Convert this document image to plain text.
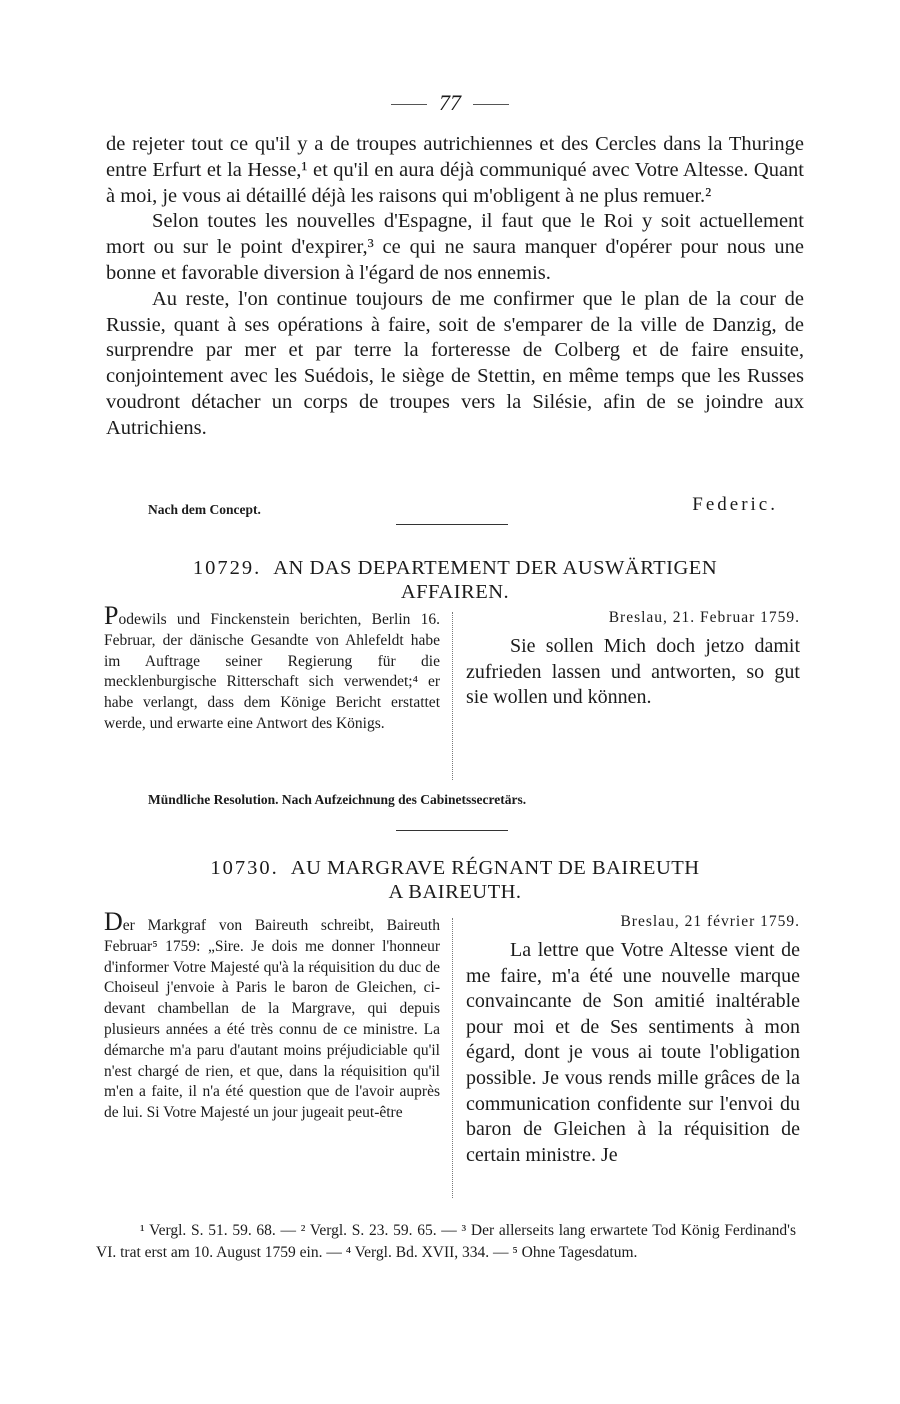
77

de rejeter tout ce qu'il y a de troupes autrichiennes et des Cercles dans la Thuringe entre Erfurt et la Hesse,¹ et qu'il en aura déjà communiqué avec Votre Altesse. Quant à moi, je vous ai détaillé déjà les raisons qui m'obligent à ne plus remuer.²

Selon toutes les nouvelles d'Espagne, il faut que le Roi y soit actuellement mort ou sur le point d'expirer,³ ce qui ne saura manquer d'opérer pour nous une bonne et favorable diversion à l'égard de nos ennemis.

Au reste, l'on continue toujours de me confirmer que le plan de la cour de Russie, quant à ses opérations à faire, soit de s'emparer de la ville de Danzig, de surprendre par mer et par terre la forteresse de Colberg et de faire ensuite, conjointement avec les Suédois, le siège de Stettin, en même temps que les Russes voudront détacher un corps de troupes vers la Silésie, afin de se joindre aux Autrichiens.

Nach dem Concept.	Federic.
10729. AN DAS DEPARTEMENT DER AUSWÄRTIGEN
AFFAIREN.
Podewils und Finckenstein berichten, Berlin 16. Februar, der dänische Gesandte von Ahlefeldt habe im Auftrage seiner Regierung für die mecklenburgische Ritterschaft sich verwendet;⁴ er habe verlangt, dass dem Könige Bericht erstattet werde, und erwarte eine Antwort des Königs.
Breslau, 21. Februar 1759.
Sie sollen Mich doch jetzo damit zufrieden lassen und antworten, so gut sie wollen und können.
Mündliche Resolution. Nach Aufzeichnung des Cabinetssecretärs.
10730. AU MARGRAVE RÉGNANT DE BAIREUTH
A BAIREUTH.
Der Markgraf von Baireuth schreibt, Baireuth Februar⁵ 1759: „Sire. Je dois me donner l'honneur d'informer Votre Majesté qu'à la réquisition du duc de Choiseul j'envoie à Paris le baron de Gleichen, ci-devant chambellan de la Margrave, qui depuis plusieurs années a été très connu de ce ministre. La démarche m'a paru d'autant moins préjudiciable qu'il n'est chargé de rien, et que, dans la réquisition qu'il m'en a faite, il n'a été question que de l'avoir auprès de lui. Si Votre Majesté un jour jugeait peut-être
Breslau, 21 février 1759.
La lettre que Votre Altesse vient de me faire, m'a été une nouvelle marque convaincante de Son amitié inaltérable pour moi et de Ses sentiments à mon égard, dont je vous ai toute l'obligation possible. Je vous rends mille grâces de la communication confidente sur l'envoi du baron de Gleichen à la réquisition de certain ministre. Je

¹ Vergl. S. 51. 59. 68. — ² Vergl. S. 23. 59. 65. — ³ Der allerseits lang erwartete Tod König Ferdinand's VI. trat erst am 10. August 1759 ein. — ⁴ Vergl. Bd. XVII, 334. — ⁵ Ohne Tagesdatum.
